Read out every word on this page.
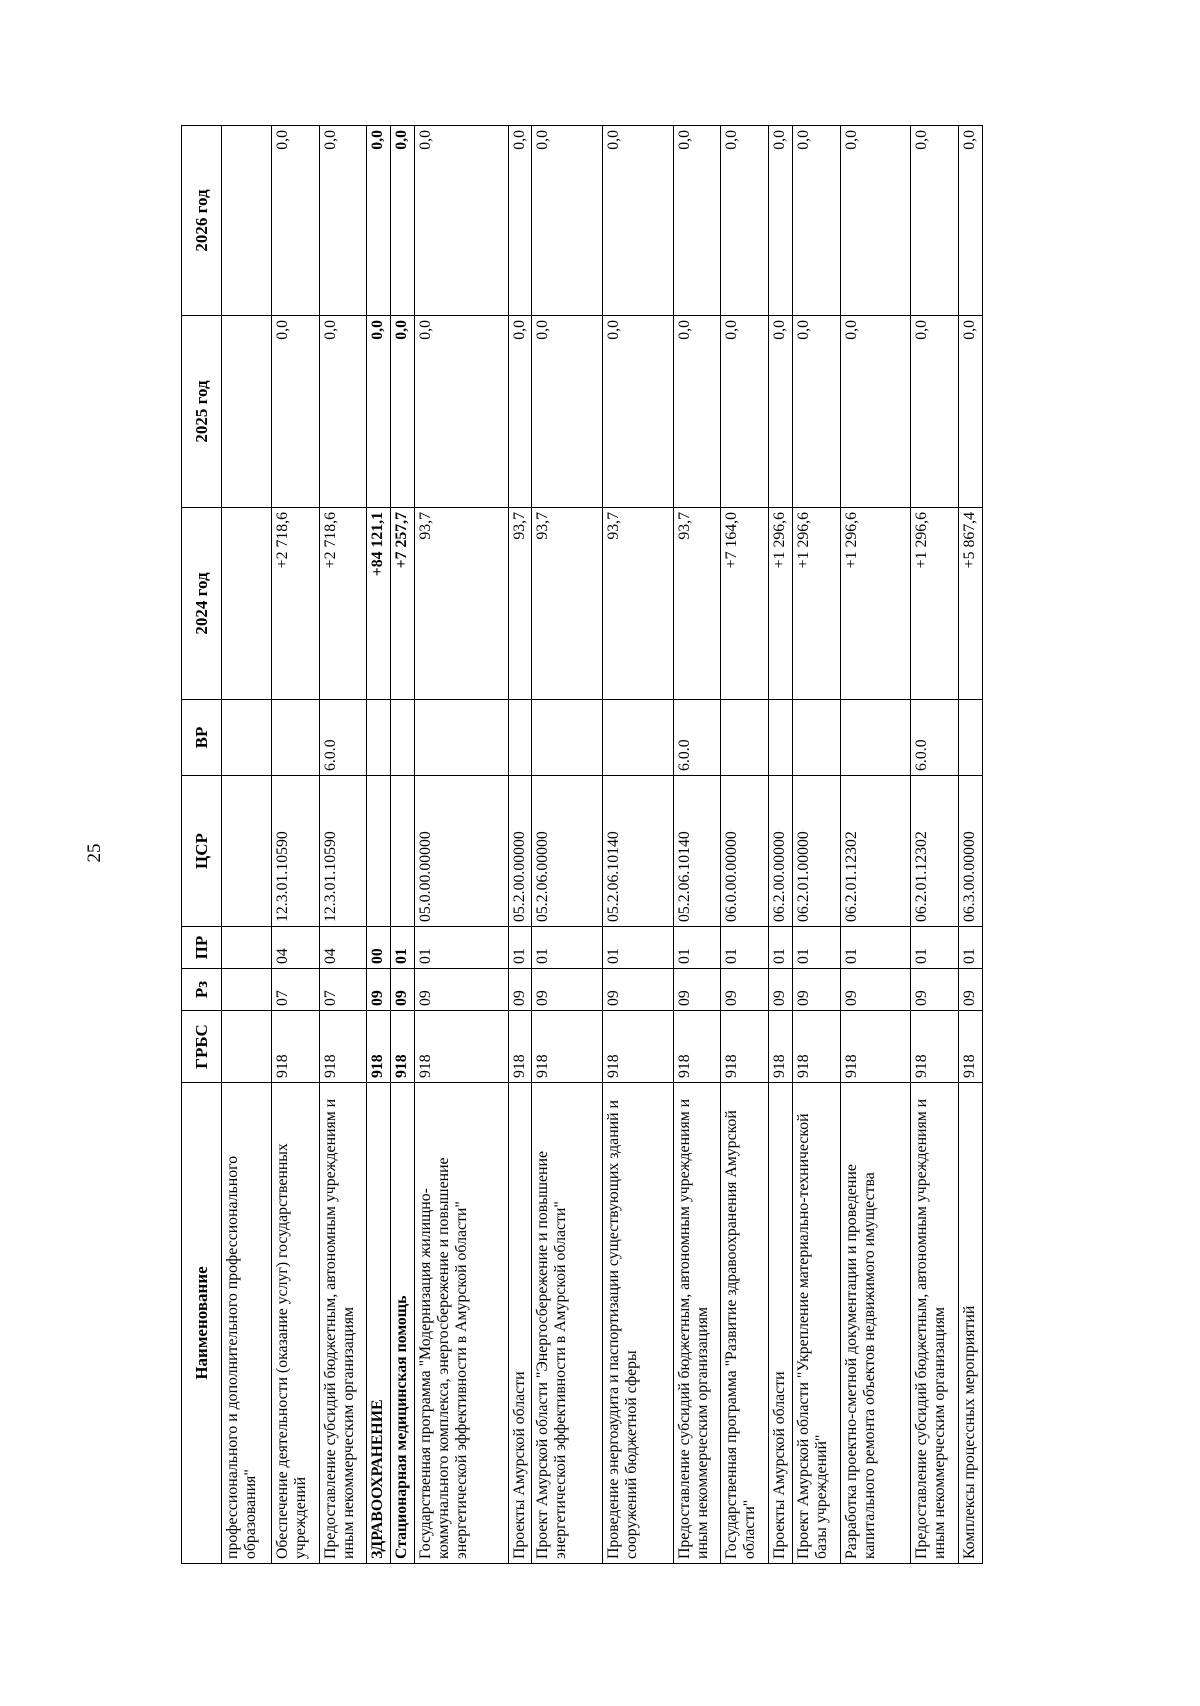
25
Наименование	ГРБС	Рз	ПР	ЦСР	ВР	2024 год	2025 год	2026 год
профессионального и дополнительного профессионального образования"								
Обеспечение деятельности (оказание услуг) государственных учреждений	918	07	04	12.3.01.10590		+2 718,6	0,0	0,0
Предоставление субсидий бюджетным, автономным учреждениям и иным некоммерческим организациям	918	07	04	12.3.01.10590	6.0.0	+2 718,6	0,0	0,0
ЗДРАВООХРАНЕНИЕ	918	09	00			+84 121,1	0,0	0,0
Стационарная медицинская помощь	918	09	01			+7 257,7	0,0	0,0
Государственная программа "Модернизация жилищно-коммунального комплекса, энергосбережение и повышение энергетической эффективности в Амурской области"	918	09	01	05.0.00.00000		93,7	0,0	0,0
Проекты Амурской области	918	09	01	05.2.00.00000		93,7	0,0	0,0
Проект Амурской области "Энергосбережение и повышение энергетической эффективности в Амурской области"	918	09	01	05.2.06.00000		93,7	0,0	0,0
Проведение энергоаудита и паспортизации существующих зданий и сооружений бюджетной сферы	918	09	01	05.2.06.10140		93,7	0,0	0,0
Предоставление субсидий бюджетным, автономным учреждениям и иным некоммерческим организациям	918	09	01	05.2.06.10140	6.0.0	93,7	0,0	0,0
Государственная программа "Развитие здравоохранения Амурской области"	918	09	01	06.0.00.00000		+7 164,0	0,0	0,0
Проекты Амурской области	918	09	01	06.2.00.00000		+1 296,6	0,0	0,0
Проект Амурской области "Укрепление материально-технической базы учреждений"	918	09	01	06.2.01.00000		+1 296,6	0,0	0,0
Разработка проектно-сметной документации и проведение капитального ремонта объектов недвижимого имущества	918	09	01	06.2.01.12302		+1 296,6	0,0	0,0
Предоставление субсидий бюджетным, автономным учреждениям и иным некоммерческим организациям	918	09	01	06.2.01.12302	6.0.0	+1 296,6	0,0	0,0
Комплексы процессных мероприятий	918	09	01	06.3.00.00000		+5 867,4	0,0	0,0
